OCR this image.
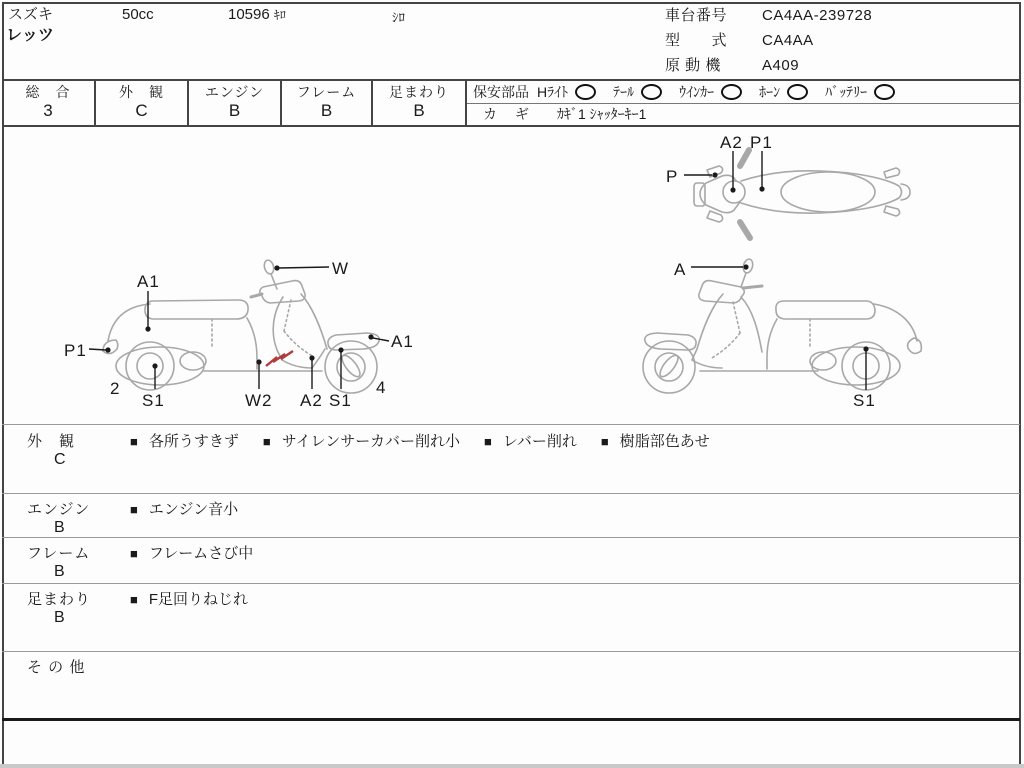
スズキ
レッツ
50cc	10596 ｷﾛ	ｼﾛ	車台番号	CA4AA-239728
型　　式	CA4AA
原 動 機	A409
総　合
3
外　観
C
エンジン
B
フレーム
B
足まわり
B
保安部品 Hﾗｲﾄ	ﾃｰﾙ	ｳｲﾝｶｰ	ﾎｰﾝ	ﾊﾞｯﾃﾘｰ
カ　ギ ｶｷﾞ1 ｼｬｯﾀｰｷｰ1
A1
P1
2
S1
W
W2 A2 S1
4
A1
P
A2 P1
A
S1
外　観
C
■ 各所うすきず ■ サイレンサーカバー削れ小 ■ レバー削れ ■ 樹脂部色あせ
エンジン
B
■ エンジン音小
フレーム
B
■ フレームさび中
足まわり
B
■ F足回りねじれ
そ の 他
